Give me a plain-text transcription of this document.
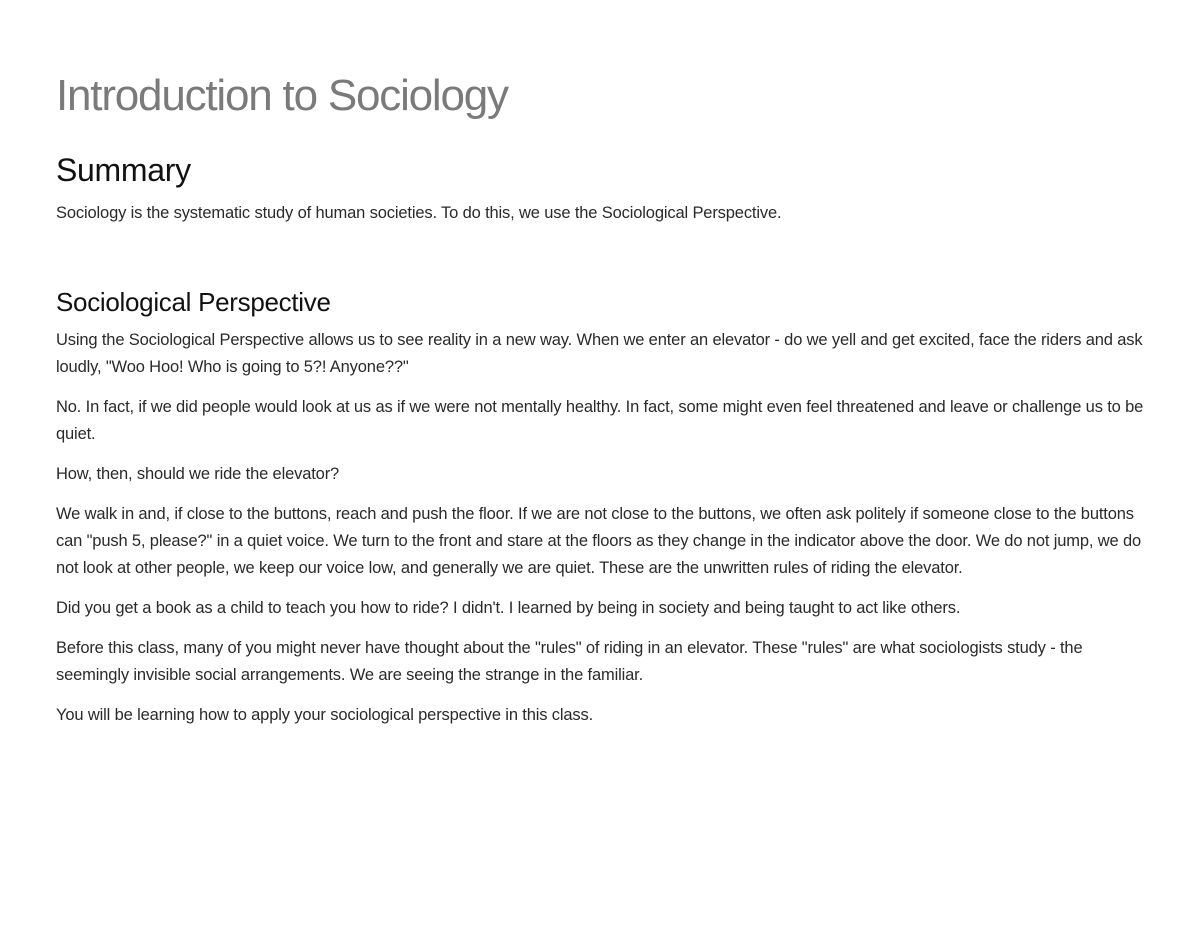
Introduction to Sociology
Summary

Sociology is the systematic study of human societies. To do this, we use the Sociological Perspective.

Sociological Perspective

Using the Sociological Perspective allows us to see reality in a new way. When we enter an elevator - do we yell and get excited, face the riders and ask loudly, "Woo Hoo! Who is going to 5?! Anyone??"

No. In fact, if we did people would look at us as if we were not mentally healthy. In fact, some might even feel threatened and leave or challenge us to be quiet.

How, then, should we ride the elevator?

We walk in and, if close to the buttons, reach and push the floor. If we are not close to the buttons, we often ask politely if someone close to the buttons can "push 5, please?" in a quiet voice. We turn to the front and stare at the floors as they change in the indicator above the door. We do not jump, we do not look at other people, we keep our voice low, and generally we are quiet. These are the unwritten rules of riding the elevator.

Did you get a book as a child to teach you how to ride? I didn't. I learned by being in society and being taught to act like others.

Before this class, many of you might never have thought about the "rules" of riding in an elevator. These "rules" are what sociologists study - the seemingly invisible social arrangements. We are seeing the strange in the familiar.

You will be learning how to apply your sociological perspective in this class.
